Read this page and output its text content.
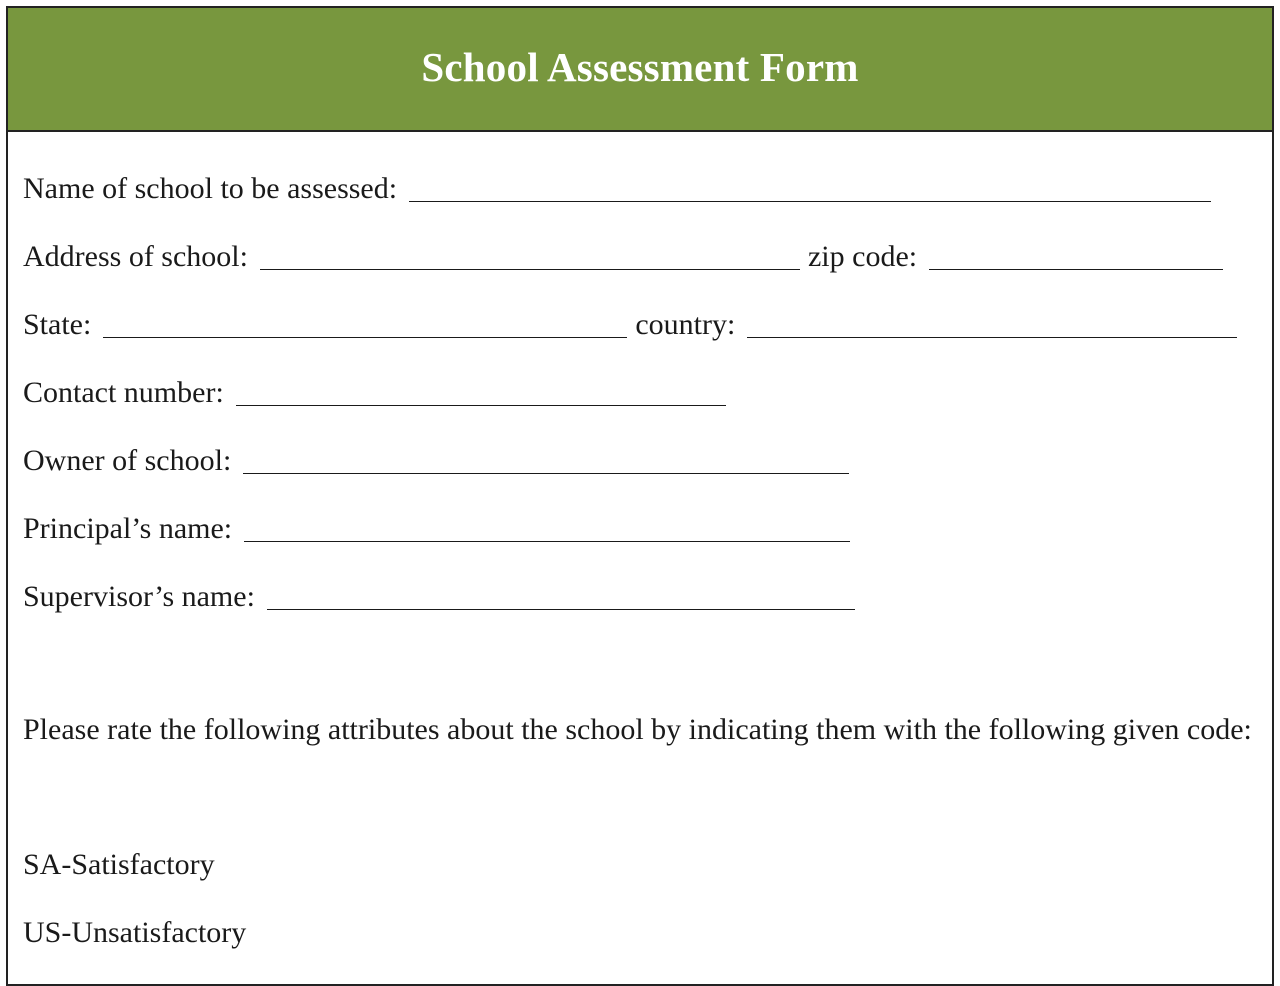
School Assessment Form
Name of school to be assessed:
Address of school:	zip code:
State:	country:
Contact number:
Owner of school:
Principal’s name:
Supervisor’s name:
Please rate the following attributes about the school by indicating them with the following given code:
SA-Satisfactory
US-Unsatisfactory
